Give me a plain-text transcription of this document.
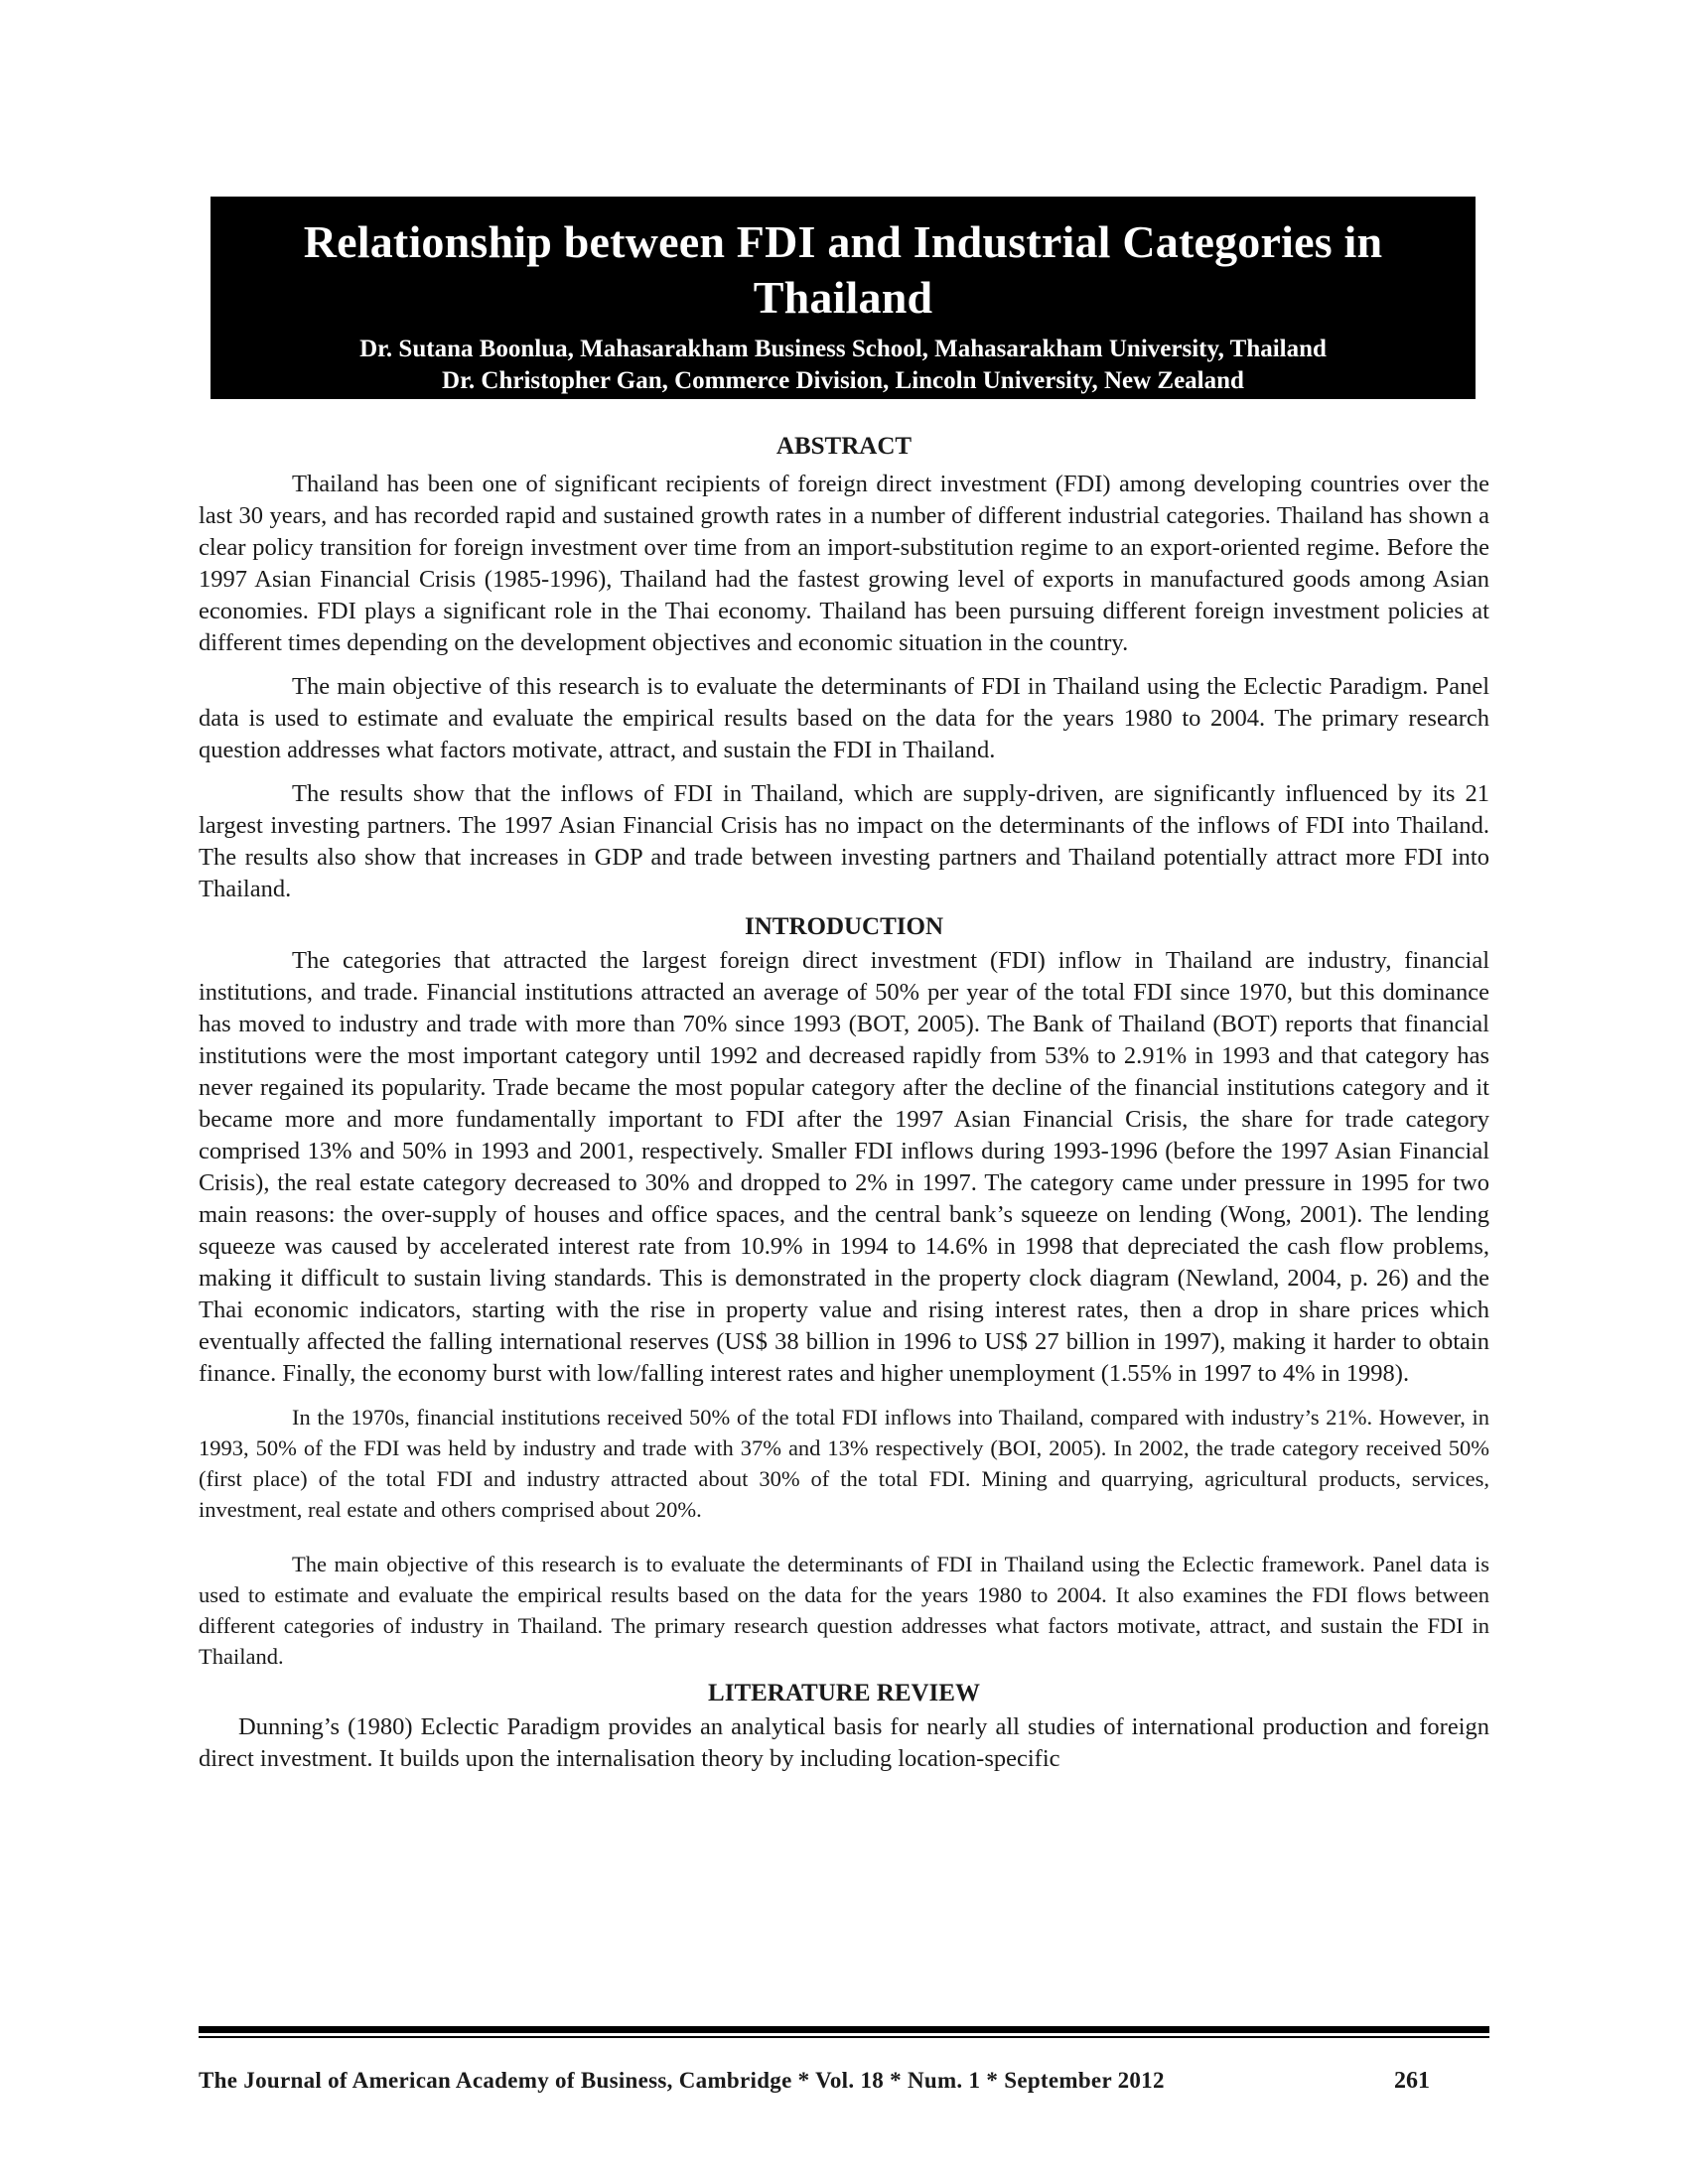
Relationship between FDI and Industrial Categories in Thailand
Dr. Sutana Boonlua, Mahasarakham Business School, Mahasarakham University, Thailand
Dr. Christopher Gan, Commerce Division, Lincoln University, New Zealand
Dr. Minsoo Lee, HSBC Business School, Peking University, China
ABSTRACT

Thailand has been one of significant recipients of foreign direct investment (FDI) among developing countries over the last 30 years, and has recorded rapid and sustained growth rates in a number of different industrial categories. Thailand has shown a clear policy transition for foreign investment over time from an import-substitution regime to an export-oriented regime. Before the 1997 Asian Financial Crisis (1985-1996), Thailand had the fastest growing level of exports in manufactured goods among Asian economies. FDI plays a significant role in the Thai economy. Thailand has been pursuing different foreign investment policies at different times depending on the development objectives and economic situation in the country.

The main objective of this research is to evaluate the determinants of FDI in Thailand using the Eclectic Paradigm. Panel data is used to estimate and evaluate the empirical results based on the data for the years 1980 to 2004. The primary research question addresses what factors motivate, attract, and sustain the FDI in Thailand.

The results show that the inflows of FDI in Thailand, which are supply-driven, are significantly influenced by its 21 largest investing partners. The 1997 Asian Financial Crisis has no impact on the determinants of the inflows of FDI into Thailand. The results also show that increases in GDP and trade between investing partners and Thailand potentially attract more FDI into Thailand.

INTRODUCTION

The categories that attracted the largest foreign direct investment (FDI) inflow in Thailand are industry, financial institutions, and trade. Financial institutions attracted an average of 50% per year of the total FDI since 1970, but this dominance has moved to industry and trade with more than 70% since 1993 (BOT, 2005). The Bank of Thailand (BOT) reports that financial institutions were the most important category until 1992 and decreased rapidly from 53% to 2.91% in 1993 and that category has never regained its popularity. Trade became the most popular category after the decline of the financial institutions category and it became more and more fundamentally important to FDI after the 1997 Asian Financial Crisis, the share for trade category comprised 13% and 50% in 1993 and 2001, respectively. Smaller FDI inflows during 1993-1996 (before the 1997 Asian Financial Crisis), the real estate category decreased to 30% and dropped to 2% in 1997. The category came under pressure in 1995 for two main reasons: the over-supply of houses and office spaces, and the central bank’s squeeze on lending (Wong, 2001). The lending squeeze was caused by accelerated interest rate from 10.9% in 1994 to 14.6% in 1998 that depreciated the cash flow problems, making it difficult to sustain living standards. This is demonstrated in the property clock diagram (Newland, 2004, p. 26) and the Thai economic indicators, starting with the rise in property value and rising interest rates, then a drop in share prices which eventually affected the falling international reserves (US$ 38 billion in 1996 to US$ 27 billion in 1997), making it harder to obtain finance. Finally, the economy burst with low/falling interest rates and higher unemployment (1.55% in 1997 to 4% in 1998).

In the 1970s, financial institutions received 50% of the total FDI inflows into Thailand, compared with industry’s 21%. However, in 1993, 50% of the FDI was held by industry and trade with 37% and 13% respectively (BOI, 2005). In 2002, the trade category received 50% (first place) of the total FDI and industry attracted about 30% of the total FDI. Mining and quarrying, agricultural products, services, investment, real estate and others comprised about 20%.

The main objective of this research is to evaluate the determinants of FDI in Thailand using the Eclectic framework. Panel data is used to estimate and evaluate the empirical results based on the data for the years 1980 to 2004. It also examines the FDI flows between different categories of industry in Thailand. The primary research question addresses what factors motivate, attract, and sustain the FDI in Thailand.

LITERATURE REVIEW

Dunning’s (1980) Eclectic Paradigm provides an analytical basis for nearly all studies of international production and foreign direct investment. It builds upon the internalisation theory by including location-specific

The Journal of American Academy of Business, Cambridge * Vol. 18 * Num. 1 * September 2012	261
